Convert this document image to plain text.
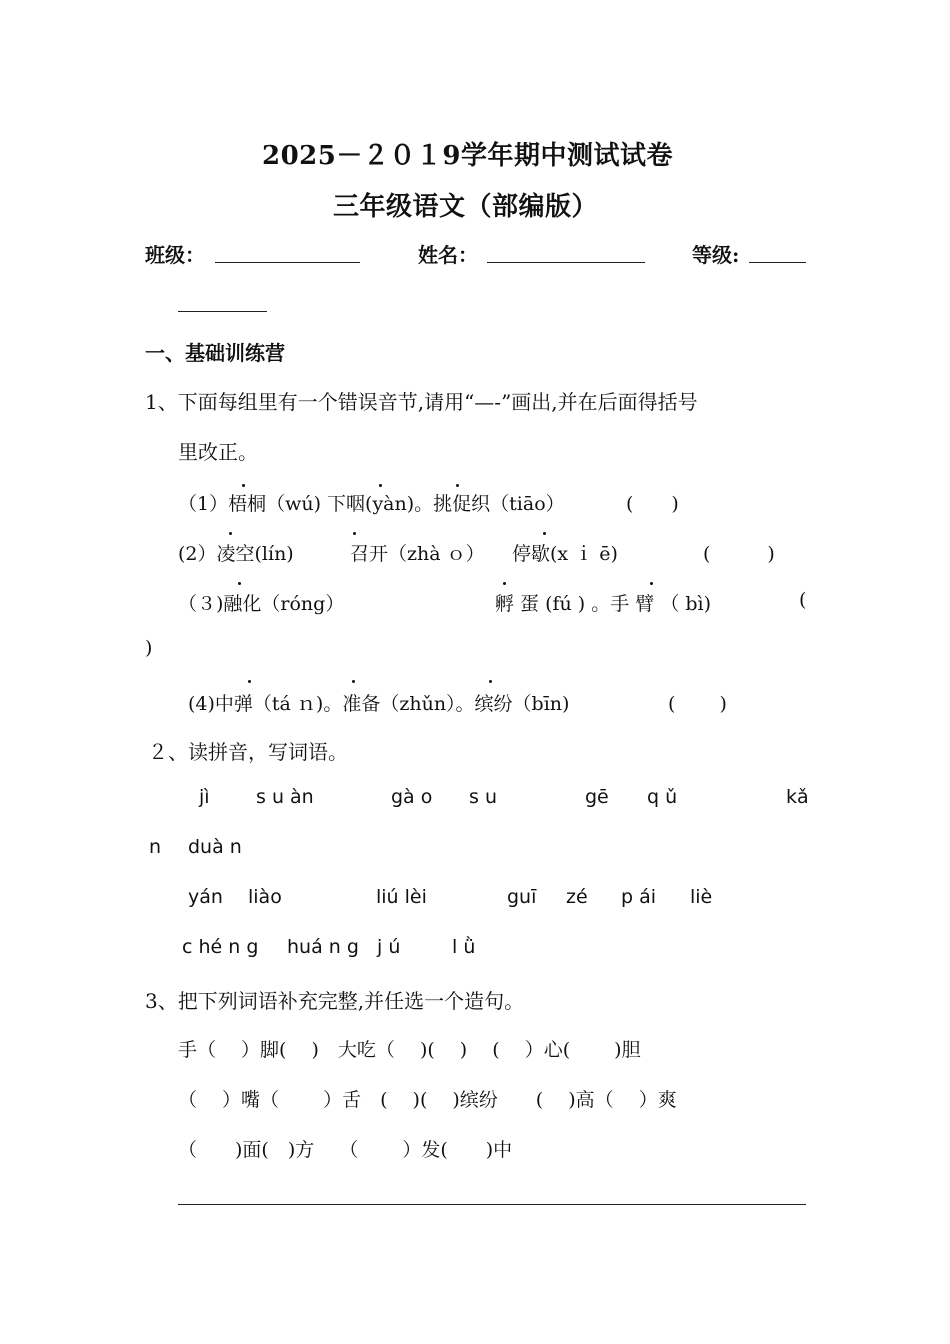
2025－２０１9学年期中测试试卷
三年级语文（部编版）
班级：	姓名：	等级:
一、基础训练营
1、下面每组里有一个错误音节,请用“—-”画出,并在后面得括号
里改正。
（1）梧桐（wú) 下咽(yàn)。挑促织（tiāo）	(　　)
(2）凌空(lín)	召开（zhà ｏ） 停歇(x ｉ ē)	(　　　)
（３)融化（róng）	孵 蛋 (fú ) 。手 臂 （ bì)	(
)
(4)中弹（tá ｎ)。准备（zhǔn）。缤纷（bīn)	(　　 )
２、读拼音，写词语。
jì s u àn	gà o s u	gē q ǔ	kǎ
n duà n
yán liào	liú lèi	guī zé p ái liè
c hé n g huá n g j ú	l ǜ
3、把下列词语补充完整,并任选一个造句。
手（　 ）脚(　 )　大吃（　 )(　 )　 (　 ）心(　 　)胆
（　 ）嘴（　　 ）舌　(　 )(　 )缤纷　　(　 )高（　 ）爽
（　　)面(　)方　 （　 　）发(　　)中
